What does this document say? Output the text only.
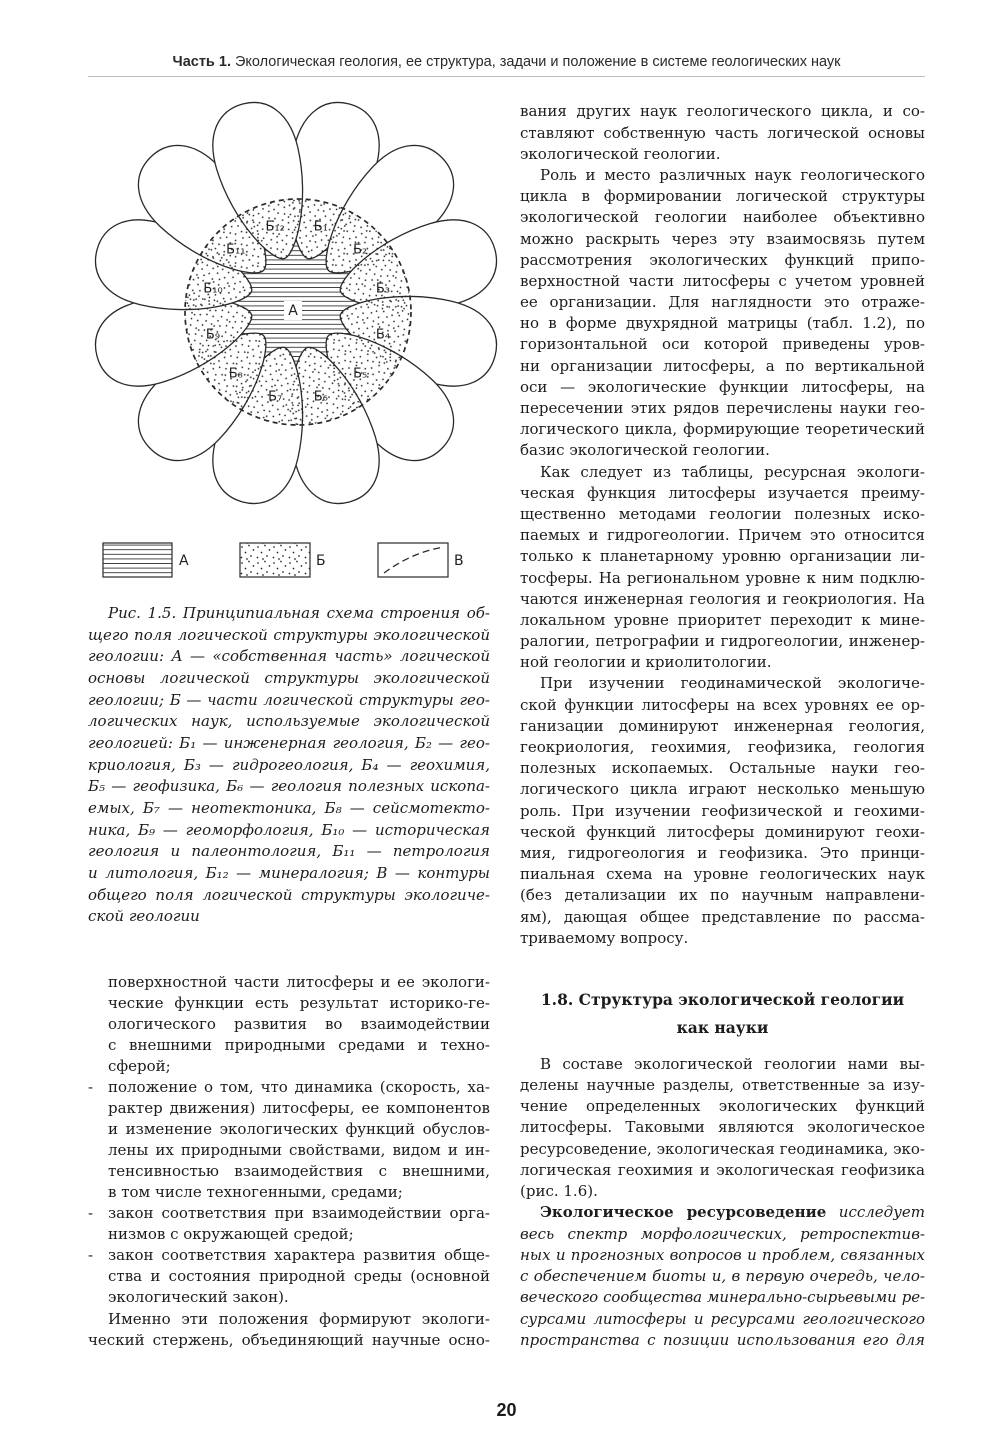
Часть 1. Экологическая геология, ее структура, задачи и положение в системе геологических наук
А
Б₁
Б₂
Б₃
Б₄
Б₅
Б₆
Б₇
Б₈
Б₉
Б₁₀
Б₁₁
Б₁₂
А	Б	В
Рис. 1.5. Принципиальная схема строения об-
щего поля логической структуры экологической
геологии: А — «собственная часть» логической
основы логической структуры экологической
геологии; Б — части логической структуры гео-
логических наук, используемые экологической
геологией: Б₁ — инженерная геология, Б₂ — гео-
криология, Б₃ — гидрогеология, Б₄ — геохимия,
Б₅ — геофизика, Б₆ — геология полезных ископа-
емых, Б₇ — неотектоника, Б₈ — сейсмотекто-
ника, Б₉ — геоморфология, Б₁₀ — историческая
геология и палеонтология, Б₁₁ — петрология
и литология, Б₁₂ — минералогия; В — контуры
общего поля логической структуры экологиче-
ской геологии
поверхностной части литосферы и ее экологи-
ческие функции есть результат историко-ге-
ологического развития во взаимодействии
с внешними природными средами и техно-
сферой;
- положение о том, что динамика (скорость, ха-
рактер движения) литосферы, ее компонентов
и изменение экологических функций обуслов-
лены их природными свойствами, видом и ин-
тенсивностью взаимодействия с внешними,
в том числе техногенными, средами;
- закон соответствия при взаимодействии орга-
низмов с окружающей средой;
- закон соответствия характера развития обще-
ства и состояния природной среды (основной
экологический закон).
Именно эти положения формируют экологи-
ческий стержень, объединяющий научные осно-
вания других наук геологического цикла, и со-
ставляют собственную часть логической основы
экологической геологии.
Роль и место различных наук геологического
цикла в формировании логической структуры
экологической геологии наиболее объективно
можно раскрыть через эту взаимосвязь путем
рассмотрения экологических функций припо-
верхностной части литосферы с учетом уровней
ее организации. Для наглядности это отраже-
но в форме двухрядной матрицы (табл. 1.2), по
горизонтальной оси которой приведены уров-
ни организации литосферы, а по вертикальной
оси — экологические функции литосферы, на
пересечении этих рядов перечислены науки гео-
логического цикла, формирующие теоретический
базис экологической геологии.
Как следует из таблицы, ресурсная экологи-
ческая функция литосферы изучается преиму-
щественно методами геологии полезных иско-
паемых и гидрогеологии. Причем это относится
только к планетарному уровню организации ли-
тосферы. На региональном уровне к ним подклю-
чаются инженерная геология и геокриология. На
локальном уровне приоритет переходит к мине-
ралогии, петрографии и гидрогеологии, инженер-
ной геологии и криолитологии.
При изучении геодинамической экологиче-
ской функции литосферы на всех уровнях ее ор-
ганизации доминируют инженерная геология,
геокриология, геохимия, геофизика, геология
полезных ископаемых. Остальные науки гео-
логического цикла играют несколько меньшую
роль. При изучении геофизической и геохими-
ческой функций литосферы доминируют геохи-
мия, гидрогеология и геофизика. Это принци-
пиальная схема на уровне геологических наук
(без детализации их по научным направлени-
ям), дающая общее представление по рассма-
триваемому вопросу.
1.8. Структура экологической геологии
как науки
В составе экологической геологии нами вы-
делены научные разделы, ответственные за изу-
чение определенных экологических функций
литосферы. Таковыми являются экологическое
ресурсоведение, экологическая геодинамика, эко-
логическая геохимия и экологическая геофизика
(рис. 1.6).
Экологическое ресурсоведение исследует
весь спектр морфологических, ретроспектив-
ных и прогнозных вопросов и проблем, связанных
с обеспечением биоты и, в первую очередь, чело-
веческого сообщества минерально-сырьевыми ре-
сурсами литосферы и ресурсами геологического
пространства с позиции использования его для
20
